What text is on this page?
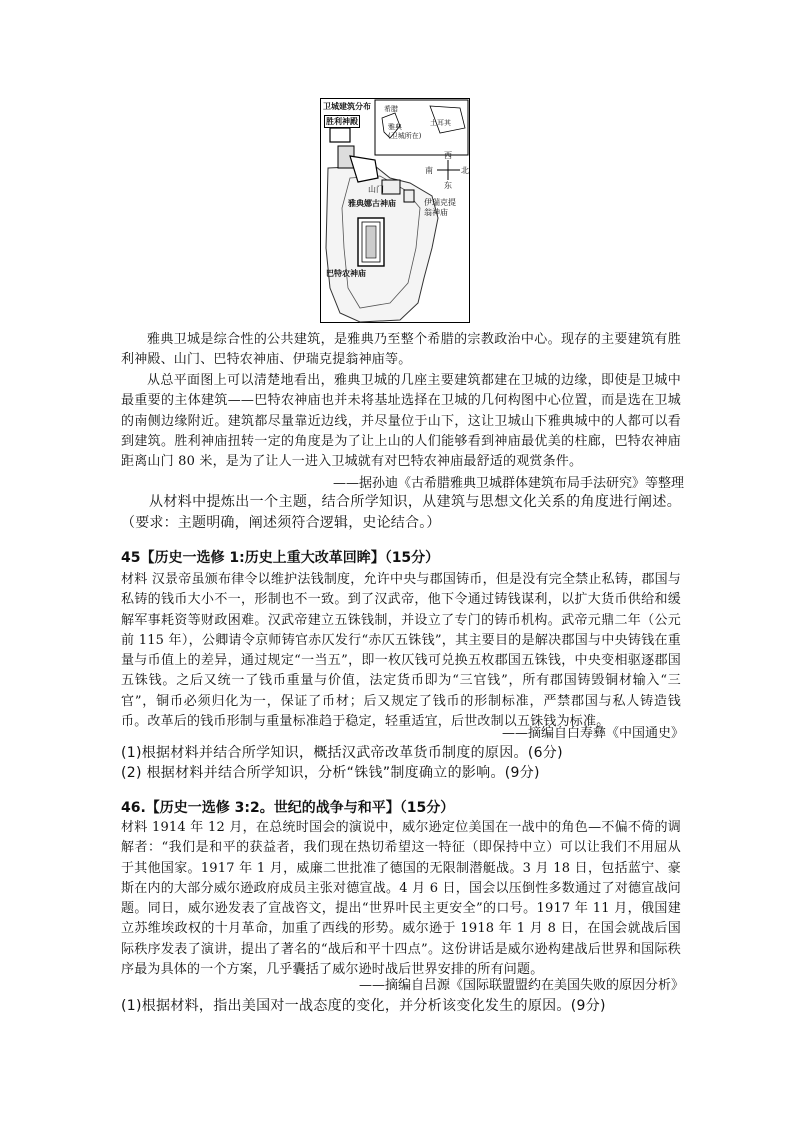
卫城建筑分布
胜利神殿
山门
雅典娜古神庙	伊瑞克提
翁神庙
巴特农神庙
希腊
雅典
(卫城所在)
土耳其
西
东
南	北
雅典卫城是综合性的公共建筑，是雅典乃至整个希腊的宗教政治中心。现存的主要建筑有胜利神殿、山门、巴特农神庙、伊瑞克提翁神庙等。
从总平面图上可以清楚地看出，雅典卫城的几座主要建筑都建在卫城的边缘，即使是卫城中最重要的主体建筑——巴特农神庙也并未将基址选择在卫城的几何构图中心位置，而是选在卫城的南侧边缘附近。建筑都尽量靠近边线，并尽量位于山下，这让卫城山下雅典城中的人都可以看到建筑。胜利神庙扭转一定的角度是为了让上山的人们能够看到神庙最优美的柱廊，巴特农神庙距离山门 80 米，是为了让人一进入卫城就有对巴特农神庙最舒适的观赏条件。
——据孙迪《古希腊雅典卫城群体建筑布局手法研究》等整理
从材料中提炼出一个主题，结合所学知识，从建筑与思想文化关系的角度进行阐述。（要求：主题明确，阐述须符合逻辑，史论结合。）
45【历史一选修 1:历史上重大改革回眸】（15分）
材料 汉景帝虽颁布律令以维护法钱制度，允许中央与郡国铸币，但是没有完全禁止私铸，郡国与私铸的钱币大小不一，形制也不一致。到了汉武帝，他下令通过铸钱谋利，以扩大货币供给和缓解军事耗资等财政困难。汉武帝建立五铢钱制，并设立了专门的铸币机构。武帝元鼎二年（公元前 115 年），公卿请令京师铸官赤仄发行“赤仄五铢钱”，其主要目的是解决郡国与中央铸钱在重量与币值上的差异，通过规定“一当五”，即一枚仄钱可兑换五枚郡国五铢钱，中央变相驱逐郡国五铢钱。之后又统一了钱币重量与价值，法定货币即为“三官钱”，所有郡国铸毁铜材输入“三官”，铜币必须归化为一，保证了币材；后又规定了钱币的形制标准，严禁郡国与私人铸造钱币。改革后的钱币形制与重量标准趋于稳定，轻重适宜，后世改制以五铢钱为标准。
——摘编自白寿彝《中国通史》
(1)根据材料并结合所学知识，概括汉武帝改革货币制度的原因。(6分)
(2) 根据材料并结合所学知识，分析“铢钱”制度确立的影响。(9分)
46.【历史一选修 3:2。世纪的战争与和平】（15分）
材料 1914 年 12 月，在总统时国会的演说中，威尔逊定位美国在一战中的角色—不偏不倚的调解者：“我们是和平的获益者，我们现在热切希望这一特征（即保持中立）可以让我们不用屈从于其他国家。1917 年 1 月，威廉二世批准了德国的无限制潜艇战。3 月 18 日，包括蓝宁、豪斯在内的大部分威尔逊政府成员主张对德宣战。4 月 6 日，国会以压倒性多数通过了对德宣战问题。同日，威尔逊发表了宣战咨文，提出“世界叶民主更安全”的口号。1917 年 11 月，俄国建立苏维埃政权的十月革命，加重了西线的形势。威尔逊于 1918 年 1 月 8 日，在国会就战后国际秩序发表了演讲，提出了著名的“战后和平十四点”。这份讲话是威尔逊构建战后世界和国际秩序最为具体的一个方案，几乎囊括了威尔逊时战后世界安排的所有问题。
——摘编自吕源《国际联盟盟约在美国失败的原因分析》
(1)根据材料，指出美国对一战态度的变化，并分析该变化发生的原因。(9分)
